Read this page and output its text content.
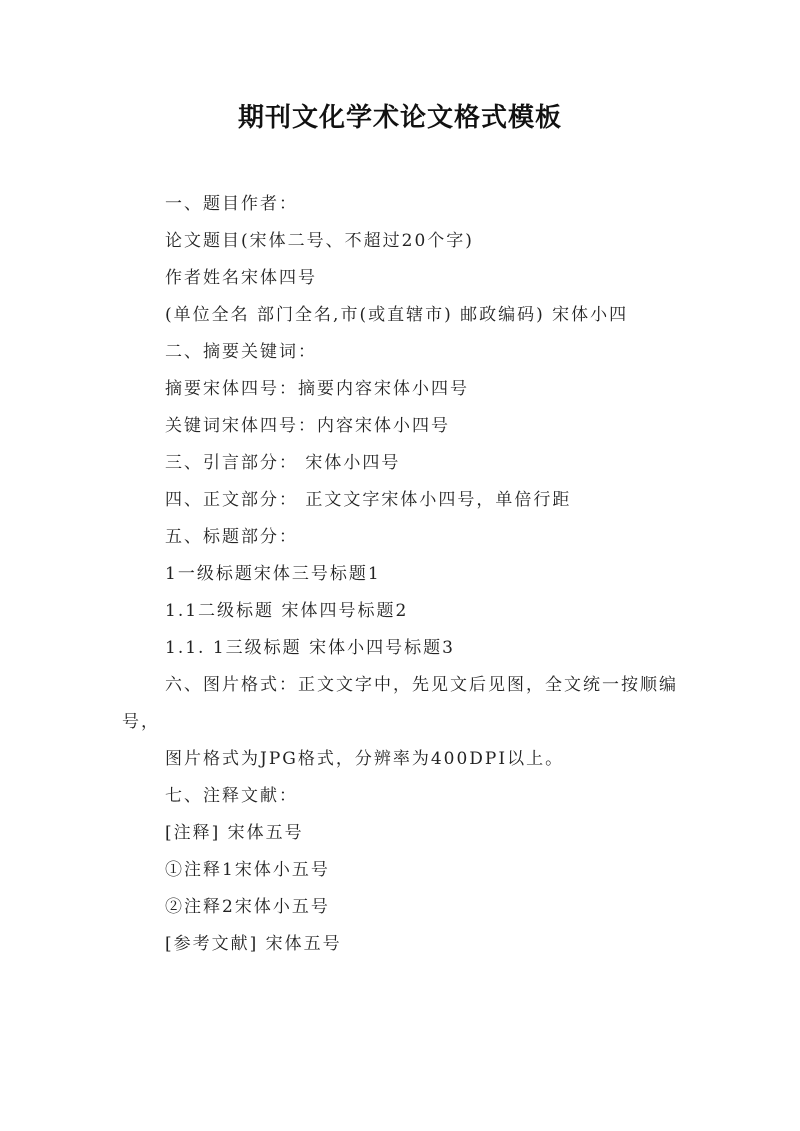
期刊文化学术论文格式模板

一、题目作者：

论文题目(宋体二号、不超过20个字)

作者姓名宋体四号

(单位全名 部门全名,市(或直辖市) 邮政编码) 宋体小四

二、摘要关键词：

摘要宋体四号：摘要内容宋体小四号

关键词宋体四号：内容宋体小四号

三、引言部分： 宋体小四号

四、正文部分： 正文文字宋体小四号，单倍行距

五、标题部分：

1一级标题宋体三号标题1

1.1二级标题 宋体四号标题2

1.1. 1三级标题 宋体小四号标题3

六、图片格式：正文文字中，先见文后见图，全文统一按顺编号，

图片格式为JPG格式，分辨率为400DPI以上。

七、注释文献：

[注释] 宋体五号

①注释1宋体小五号

②注释2宋体小五号

[参考文献] 宋体五号
